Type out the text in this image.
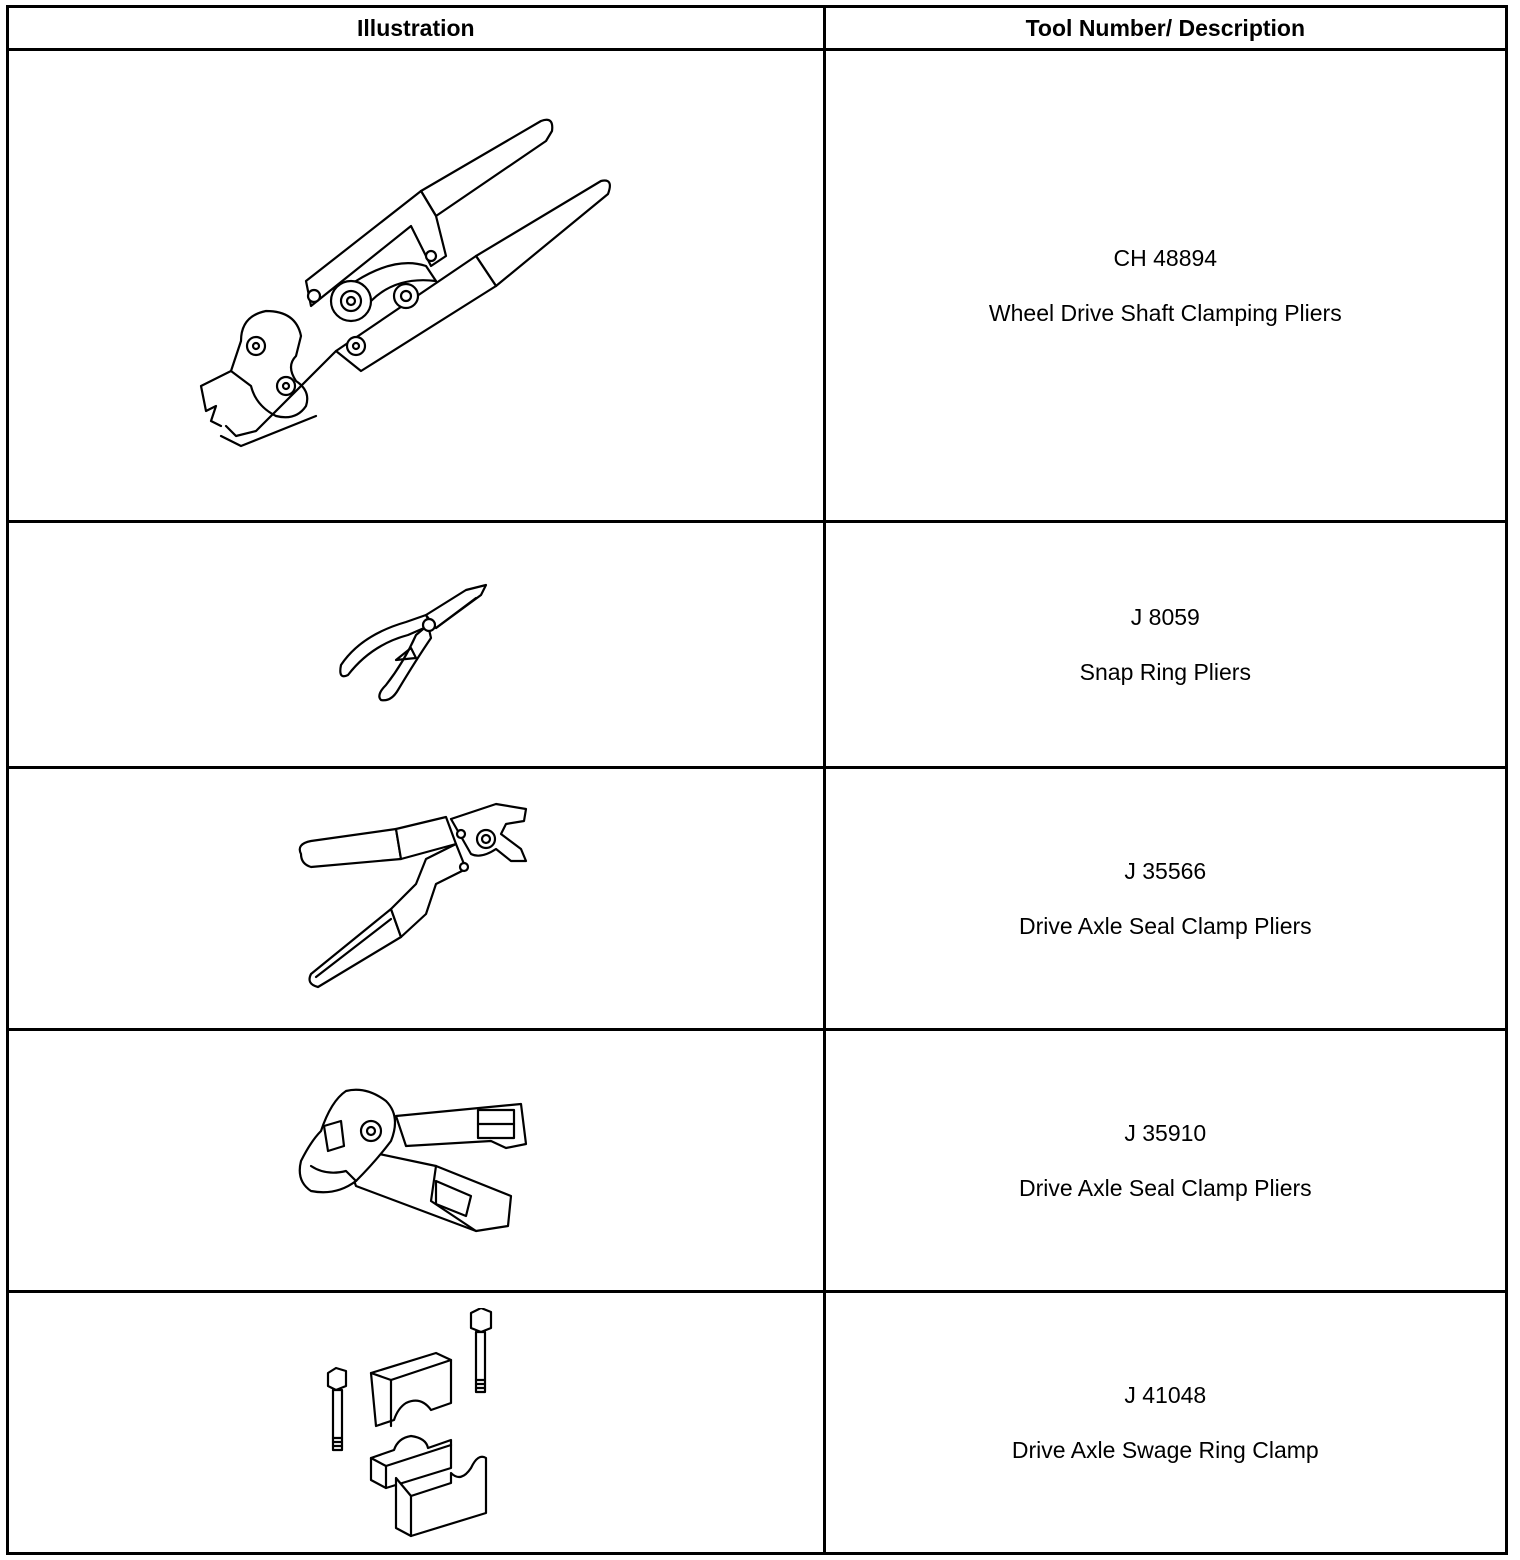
Illustration	Tool Number/ Description

CH 48894
Wheel Drive Shaft Clamping Pliers

J 8059
Snap Ring Pliers

J 35566
Drive Axle Seal Clamp Pliers

J 35910
Drive Axle Seal Clamp Pliers

J 41048
Drive Axle Swage Ring Clamp
